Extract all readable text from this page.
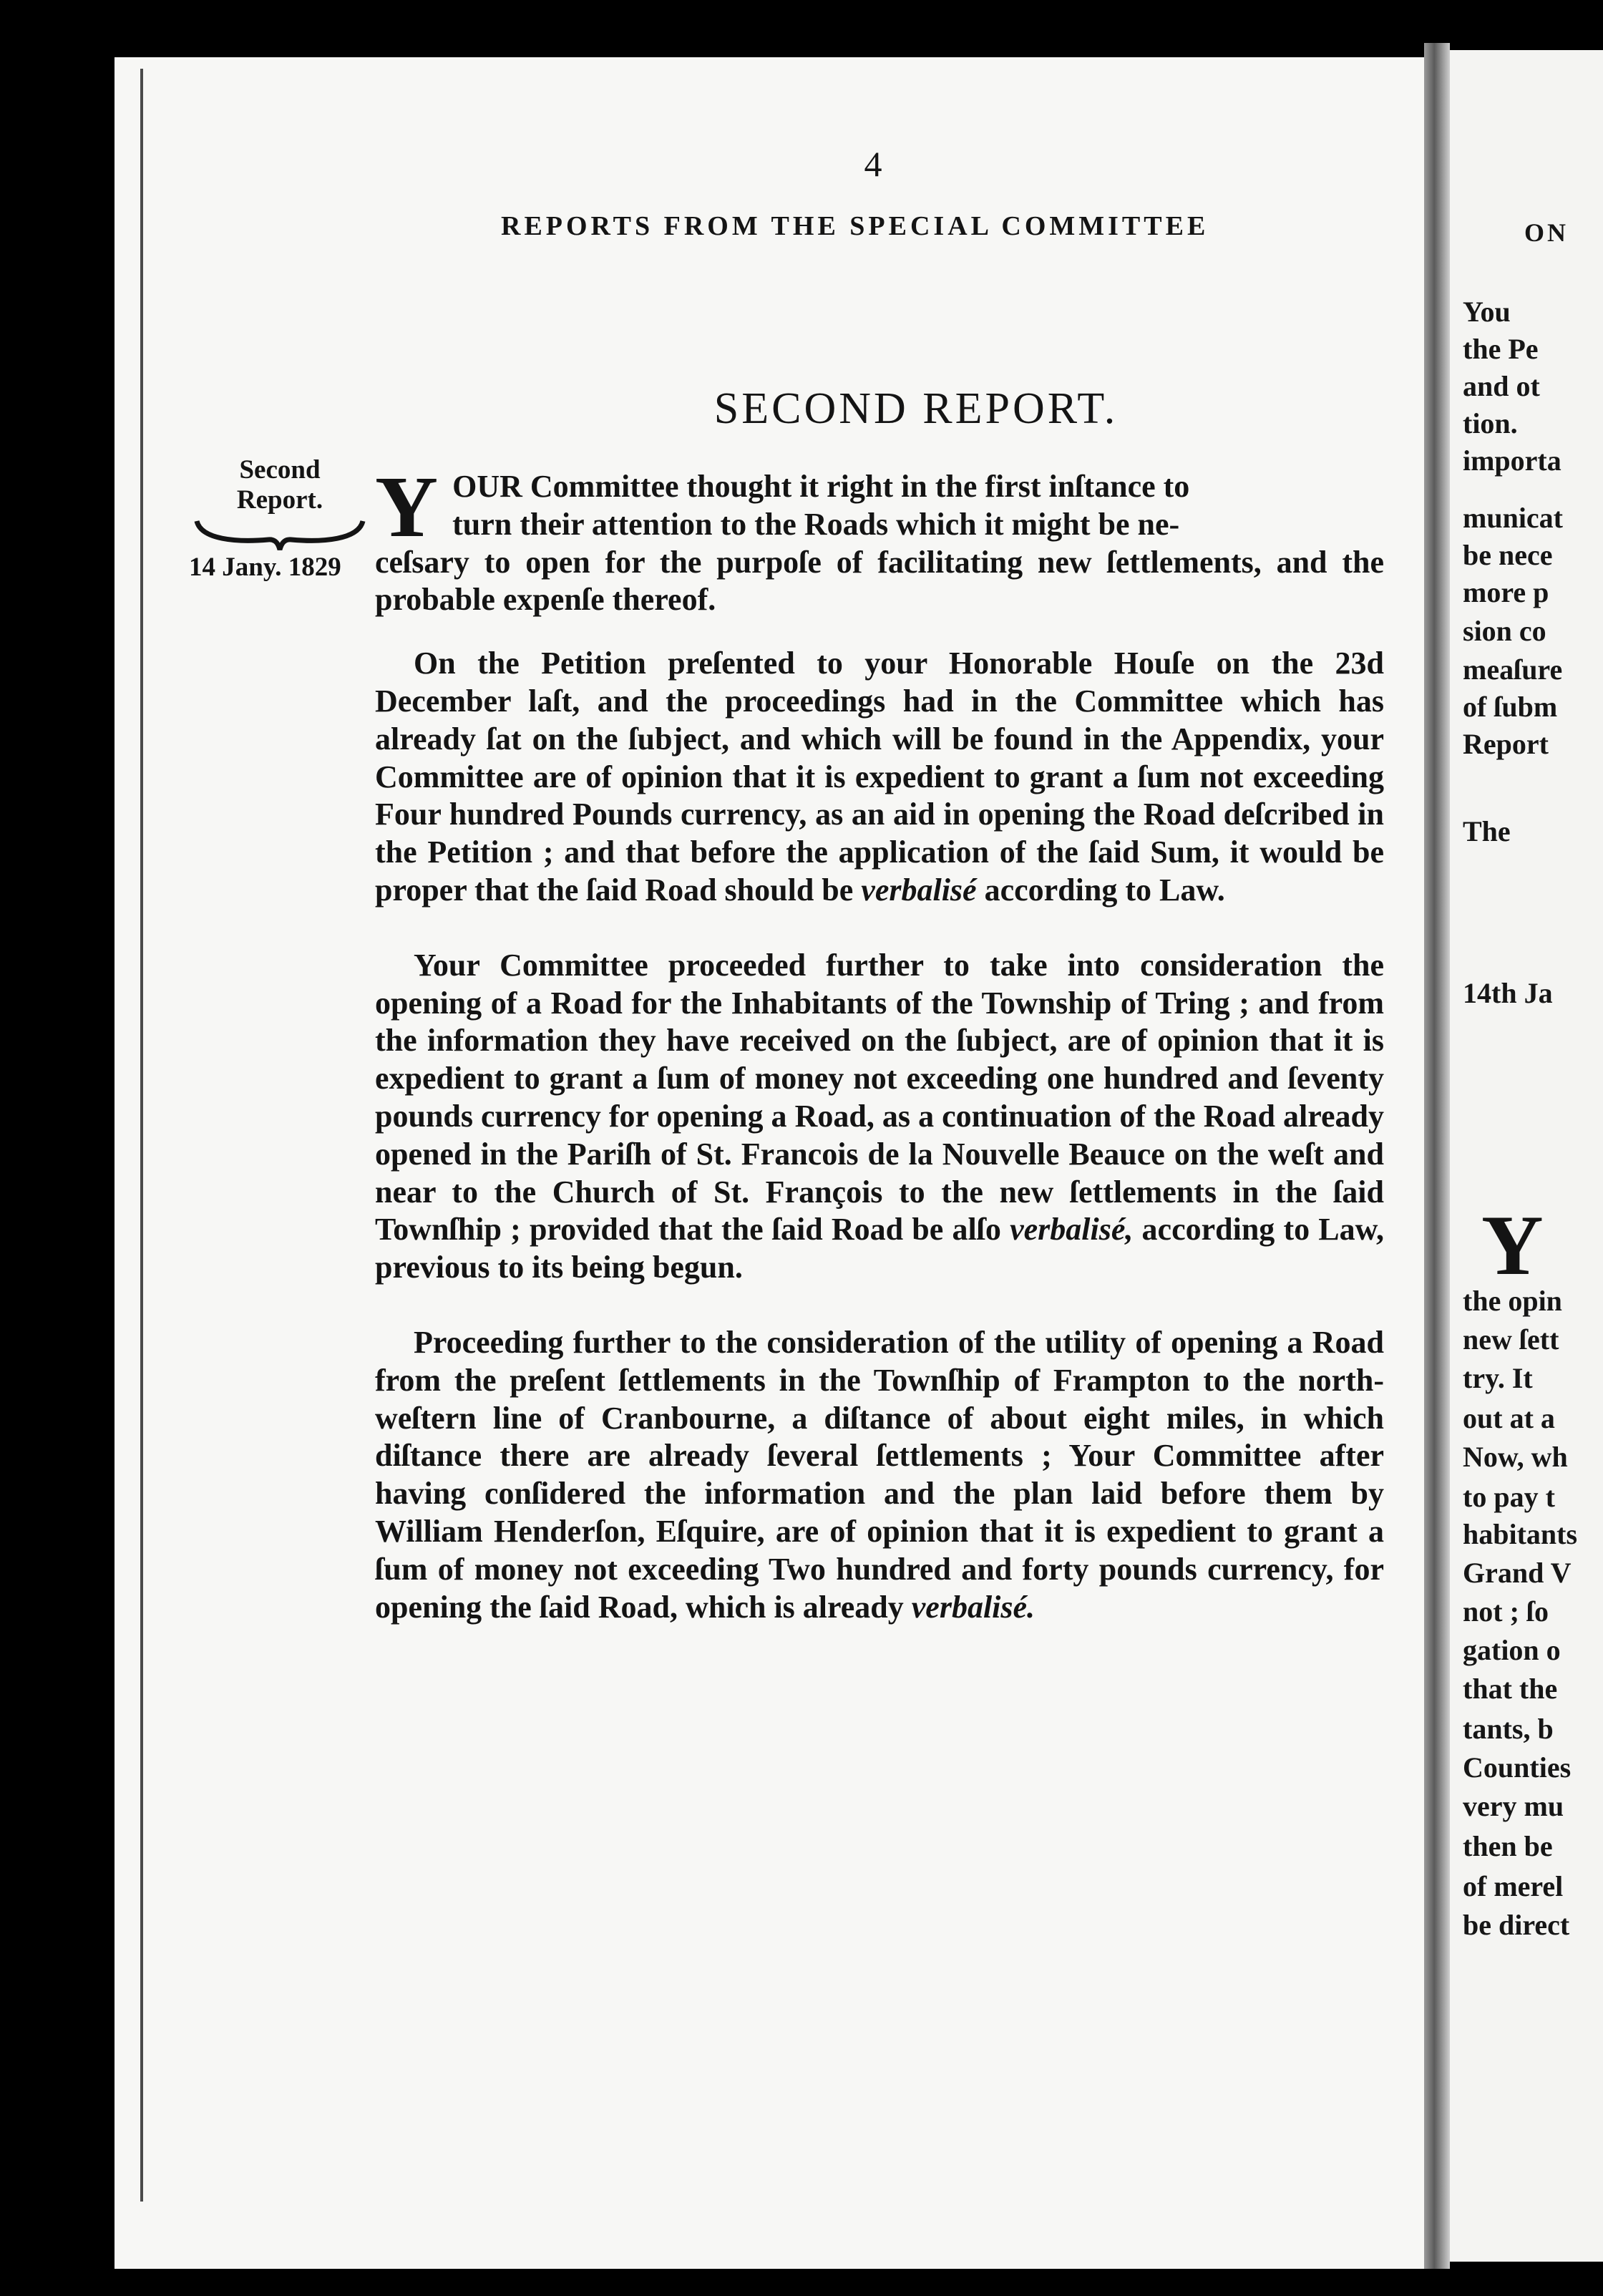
4
REPORTS FROM THE SPECIAL COMMITTEE
SECOND REPORT.
Second
Report.
14 Jany. 1829

Y OUR Committee thought it right in the first inſtance to
turn their attention to the Roads which it might be ne-
ceſsary to open for the purpoſe of facilitating new ſettlements, and the probable expenſe thereof.

On the Petition preſented to your Honorable Houſe on the 23d December laſt, and the proceedings had in the Committee which has already ſat on the ſubject, and which will be found in the Appendix, your Committee are of opinion that it is expedient to grant a ſum not exceeding Four hundred Pounds currency, as an aid in opening the Road deſcribed in the Petition ; and that before the application of the ſaid Sum, it would be proper that the ſaid Road should be verbalisé according to Law.

Your Committee proceeded further to take into consideration the opening of a Road for the Inhabitants of the Township of Tring ; and from the information they have received on the ſubject, are of opinion that it is expedient to grant a ſum of money not exceeding one hundred and ſeventy pounds currency for opening a Road, as a continuation of the Road already opened in the Pariſh of St. Francois de la Nouvelle Beauce on the weſt and near to the Church of St. François to the new ſettlements in the ſaid Townſhip ; provided that the ſaid Road be alſo verbalisé, according to Law, previous to its being begun.

Proceeding further to the consideration of the utility of opening a Road from the preſent ſettlements in the Townſhip of Frampton to the north-weſtern line of Cranbourne, a diſtance of about eight miles, in which diſtance there are already ſeveral ſettlements ; Your Committee after having conſidered the information and the plan laid before them by William Henderſon, Eſquire, are of opinion that it is expedient to grant a ſum of money not exceeding Two hundred and forty pounds currency, for opening the ſaid Road, which is already verbalisé.

ON
You
the Pe
and ot
tion.
importa
municat
be nece
more p
sion co
meaſure
of ſubm
Report
The
14th Ja
Y
the opin
new ſett
try. It
out at a
Now, wh
to pay t
habitants
Grand V
not ; ſo
gation o
that the
tants, b
Counties
very mu
then be
of merel
be direct
